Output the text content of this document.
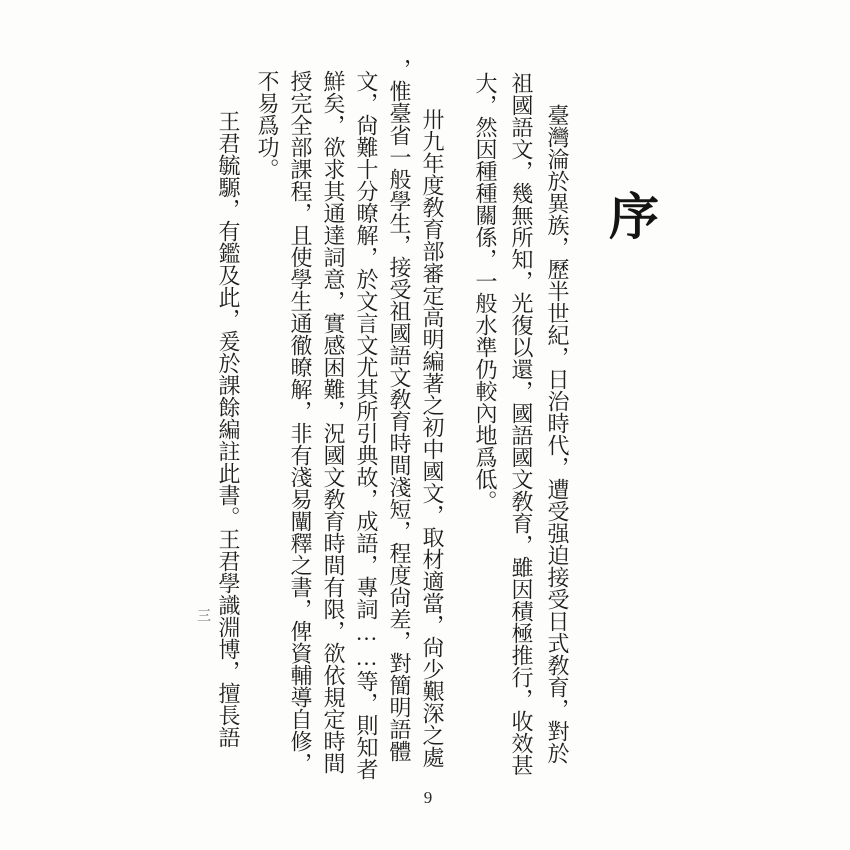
序
臺灣淪於異族，歷半世紀，日治時代，遭受强迫接受日式敎育，對於
祖國語文，幾無所知，光復以還，國語國文敎育，雖因積極推行，收效甚
大，然因種種關係，一般水準仍較內地爲低。
卅九年度敎育部審定高明編著之初中國文，取材適當，尙少艱深之處
，惟臺省一般學生，接受祖國語文敎育時間淺短，程度尙差，對簡明語體
文，尙難十分暸解，於文言文尤其所引典故，成語，專詞……等，則知者
鮮矣，欲求其通達詞意，實感困難，況國文敎育時間有限，欲依規定時間
授完全部課程，且使學生通徹暸解，非有淺易闡釋之書，俾資輔導自修，
不易爲功。
王君毓騵，有鑑及此，爰於課餘編註此書。王君學識淵博，擅長語
三
9
